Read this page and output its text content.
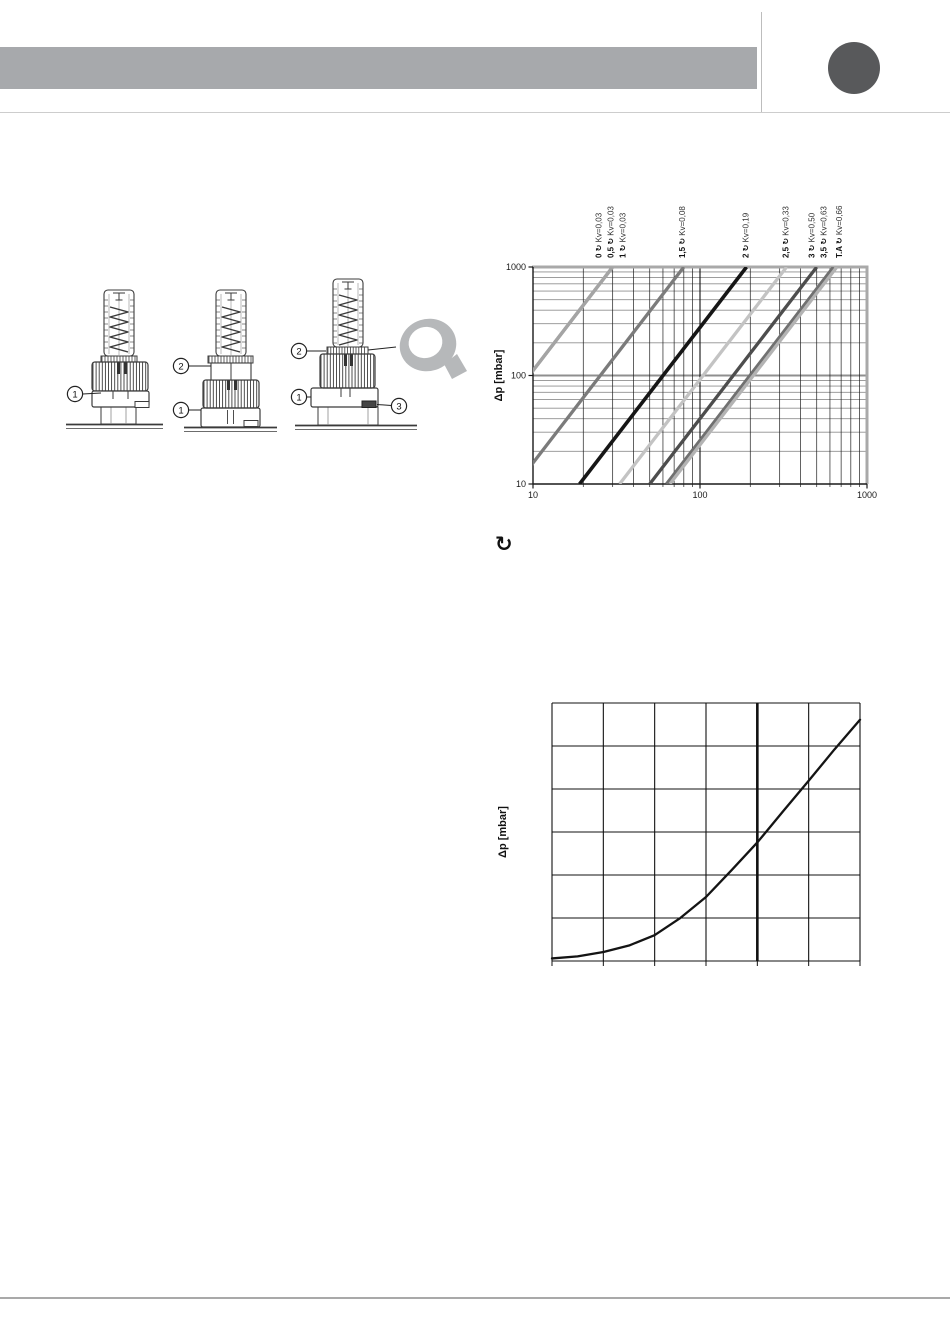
1
2
1
2
1
3
0 ↻ Kv=0,03
0,5 ↻ Kv=0,03
1 ↻ Kv=0,03
1,5 ↻ Kv=0,08
2 ↻ Kv=0,19
2,5 ↻ Kv=0,33
3 ↻ Kv=0,50
3,5 ↻ Kv=0,63
T.A ↻ Kv=0,66
1000
100
10
10	100	1000
Δp [mbar]
↻
Δp [mbar]
